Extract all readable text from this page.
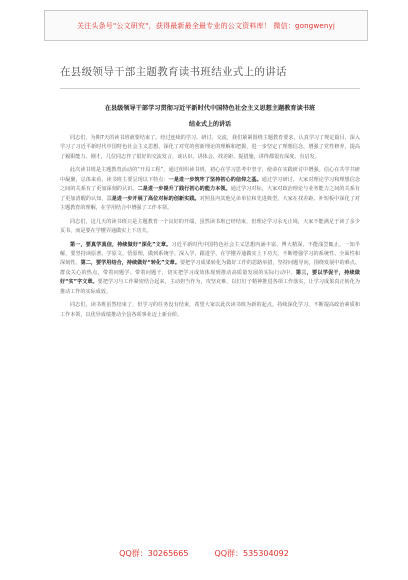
关注头条号"公文研究"，获得最新最全最专业的公文资料库！ 微信：gongwenyj
在县级领导干部主题教育读书班结业式上的讲话
在县级领导干部学习贯彻习近平新时代中国特色社会主义思想主题教育读书班
结业式上的讲话

同志们，为期7天的读书班就要结束了。经过连续的学习、研讨、交流，我们紧紧围绕主题教育要求，认真学习了规定篇目，深入学习了习近平新时代中国特色社会主义思想，深化了对党的创新理论的理解和把握，进一步坚定了理想信念，增强了党性修养，提高了履职能力。刚才，几位同志作了很好的交流发言，谈认识、讲体会、找差距、提措施，讲得都很有深度、有启发。

此次读书班是主题教育活动的“开局工程”，通过组织读书班，初心在学习思考中坚守，使命在实践研讨中增强。信心在共学共研中凝聚，总体来看，读书班主要呈现以下特点：一是进一步筑牢了坚持初心的信仰之基。通过学习研讨，大家对理论学习和理想信念之间的关系有了更加深刻的认识。二是进一步提升了践行初心的能力本领。通过学习对标，大家对政治理论与业务能力之间的关系有了更加清醒的认知，三是进一步开展了高位对标的创新实践。对照县内其他兄弟单位和先进典型，大家在找差距、补短板中深化了对主题教育的理解，在学用结合中增强了工作本领。

同志们，这几天的读书班只是主题教育一个良好的开端，虽然读书班已经结束，但理论学习永无止境，大家不能满足于读了多少页书，而是要在学懂弄通做实上下功夫。

第一，要真学真信，持续做好“深化”文章。习近平新时代中国特色社会主义思想内涵丰富、博大精深，不能浅尝辄止、一知半解，要坚持读原著、学原文、悟原理，做到系统学、深入学、跟进学，在学懂弄通做实上下功夫，不断增强学习的系统性、全面性和深刻性。第二，要学用结合，持续做好“转化”文章。要把学习成果转化为做好工作的思路举措，坚持问题导向，围绕发展中的难点、群众关心的热点，带着问题学、带着问题干，切实把学习成效体现到推动高质量发展的实际行动中。第三，要以学促干，持续做好“实”字文章。要把学习与工作紧密结合起来，主动担当作为，攻坚克难，以钉钉子精神推进各项工作落实，让学习成果真正转化为推动工作的实际成效。

同志们，读书班虽然结束了，但学习的任务没有结束，希望大家以此次读书班为新的起点，持续深化学习，不断提高政治素质和工作本领，以优异成绩推动全县各项事业迈上新台阶。

QQ群：30265665	QQ群：535304092
